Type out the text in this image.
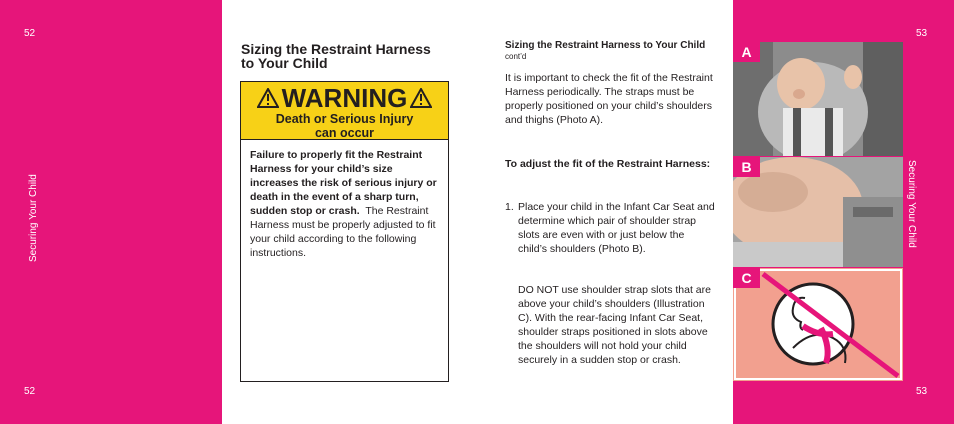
52
52
53
53
Securing Your Child	Securing Your Child
Sizing the Restraint Harness to Your Child
WARNING
Death or Serious Injury
can occur
Failure to properly fit the Restraint Harness for your child’s size increases the risk of serious injury or death in the event of a sharp turn, sudden stop or crash. The Restraint Harness must be properly adjusted to fit your child according to the following instructions.
Sizing the Restraint Harness to Your Child cont’d
It is important to check the fit of the Restraint Harness periodically. The straps must be properly positioned on your child’s shoulders and thighs (Photo A).
To adjust the fit of the Restraint Harness:
1. Place your child in the Infant Car Seat and determine which pair of shoulder strap slots are even with or just below the child’s shoulders (Photo B).
DO NOT use shoulder strap slots that are above your child’s shoulders (Illustration C). With the rear-facing Infant Car Seat, shoulder straps positioned in slots above the shoulders will not hold your child securely in a sudden stop or crash.
A
B
C
